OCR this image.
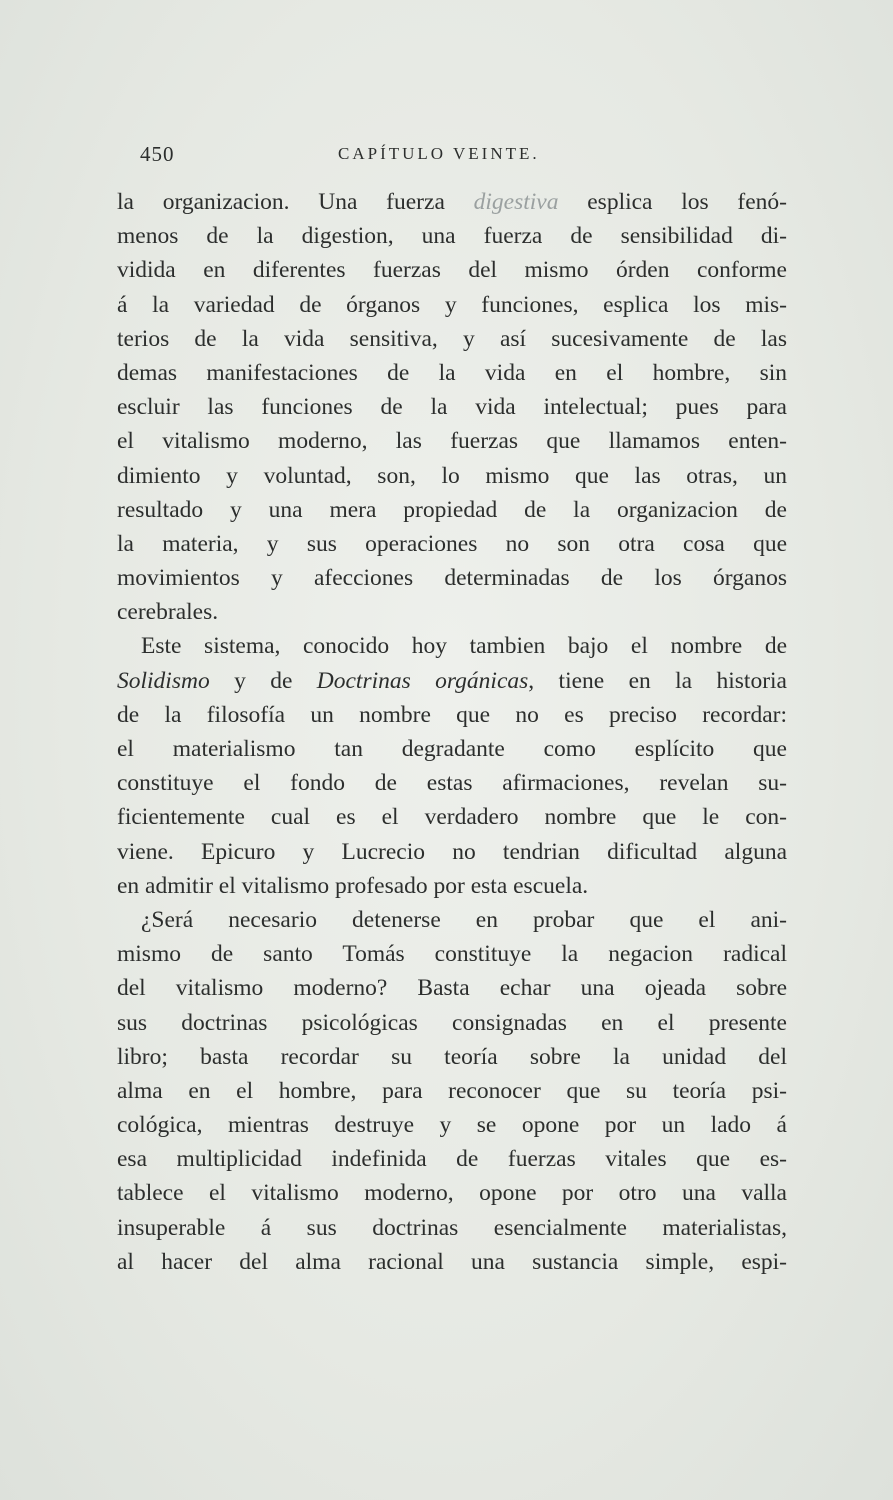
450	CAPÍTULO VEINTE.
la organizacion. Una fuerza digestiva esplica los fenó-
menos de la digestion, una fuerza de sensibilidad di-
vidida en diferentes fuerzas del mismo órden conforme
á la variedad de órganos y funciones, esplica los mis-
terios de la vida sensitiva, y así sucesivamente de las
demas manifestaciones de la vida en el hombre, sin
escluir las funciones de la vida intelectual; pues para
el vitalismo moderno, las fuerzas que llamamos enten-
dimiento y voluntad, son, lo mismo que las otras, un
resultado y una mera propiedad de la organizacion de
la materia, y sus operaciones no son otra cosa que
movimientos y afecciones determinadas de los órganos
cerebrales.
Este sistema, conocido hoy tambien bajo el nombre de
Solidismo y de Doctrinas orgánicas, tiene en la historia
de la filosofía un nombre que no es preciso recordar:
el materialismo tan degradante como esplícito que
constituye el fondo de estas afirmaciones, revelan su-
ficientemente cual es el verdadero nombre que le con-
viene. Epicuro y Lucrecio no tendrian dificultad alguna
en admitir el vitalismo profesado por esta escuela.
¿Será necesario detenerse en probar que el ani-
mismo de santo Tomás constituye la negacion radical
del vitalismo moderno? Basta echar una ojeada sobre
sus doctrinas psicológicas consignadas en el presente
libro; basta recordar su teoría sobre la unidad del
alma en el hombre, para reconocer que su teoría psi-
cológica, mientras destruye y se opone por un lado á
esa multiplicidad indefinida de fuerzas vitales que es-
tablece el vitalismo moderno, opone por otro una valla
insuperable á sus doctrinas esencialmente materialistas,
al hacer del alma racional una sustancia simple, espi-
